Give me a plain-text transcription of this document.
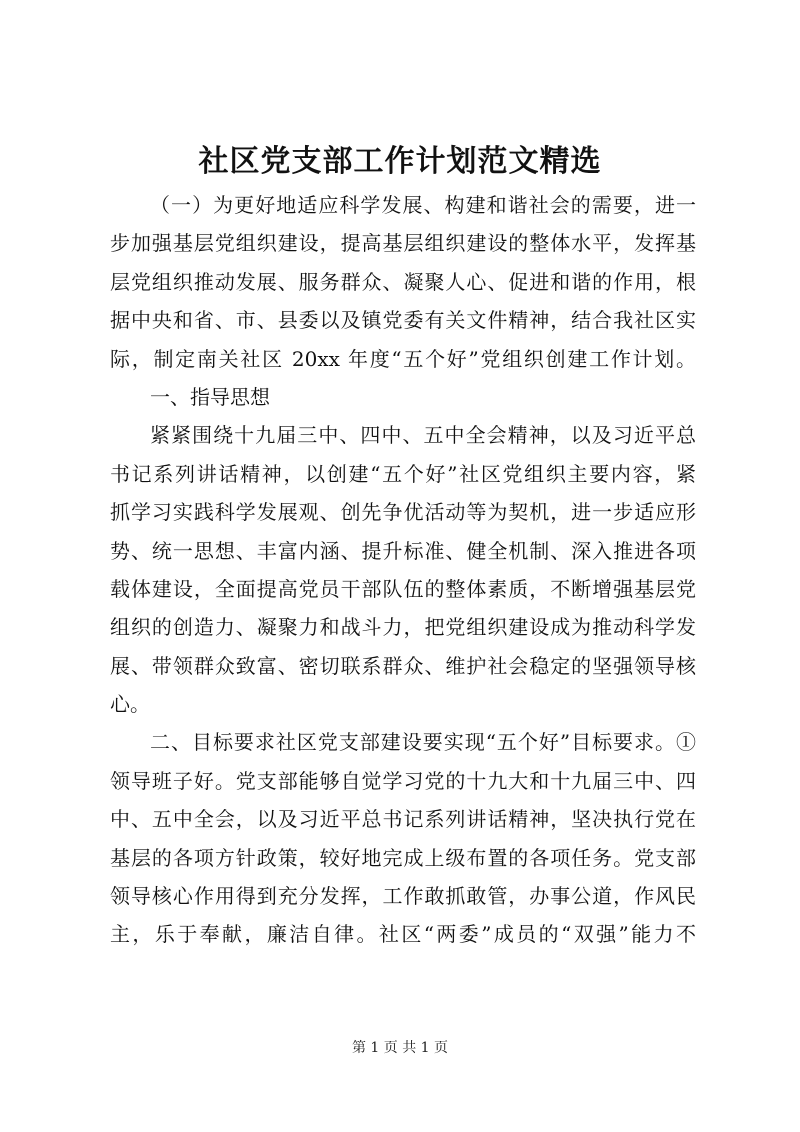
社区党支部工作计划范文精选
（一）为更好地适应科学发展、构建和谐社会的需要，进一
步加强基层党组织建设，提高基层组织建设的整体水平，发挥基
层党组织推动发展、服务群众、凝聚人心、促进和谐的作用，根
据中央和省、市、县委以及镇党委有关文件精神，结合我社区实
际，制定南关社区 20xx 年度“五个好”党组织创建工作计划。
一、指导思想
紧紧围绕十九届三中、四中、五中全会精神，以及习近平总
书记系列讲话精神，以创建“五个好”社区党组织主要内容，紧
抓学习实践科学发展观、创先争优活动等为契机，进一步适应形
势、统一思想、丰富内涵、提升标准、健全机制、深入推进各项
载体建设，全面提高党员干部队伍的整体素质，不断增强基层党
组织的创造力、凝聚力和战斗力，把党组织建设成为推动科学发
展、带领群众致富、密切联系群众、维护社会稳定的坚强领导核
心。
二、目标要求社区党支部建设要实现“五个好”目标要求。①
领导班子好。党支部能够自觉学习党的十九大和十九届三中、四
中、五中全会，以及习近平总书记系列讲话精神，坚决执行党在
基层的各项方针政策，较好地完成上级布置的各项任务。党支部
领导核心作用得到充分发挥，工作敢抓敢管，办事公道，作风民
主，乐于奉献，廉洁自律。社区“两委”成员的“双强”能力不
第 1 页 共 1 页
